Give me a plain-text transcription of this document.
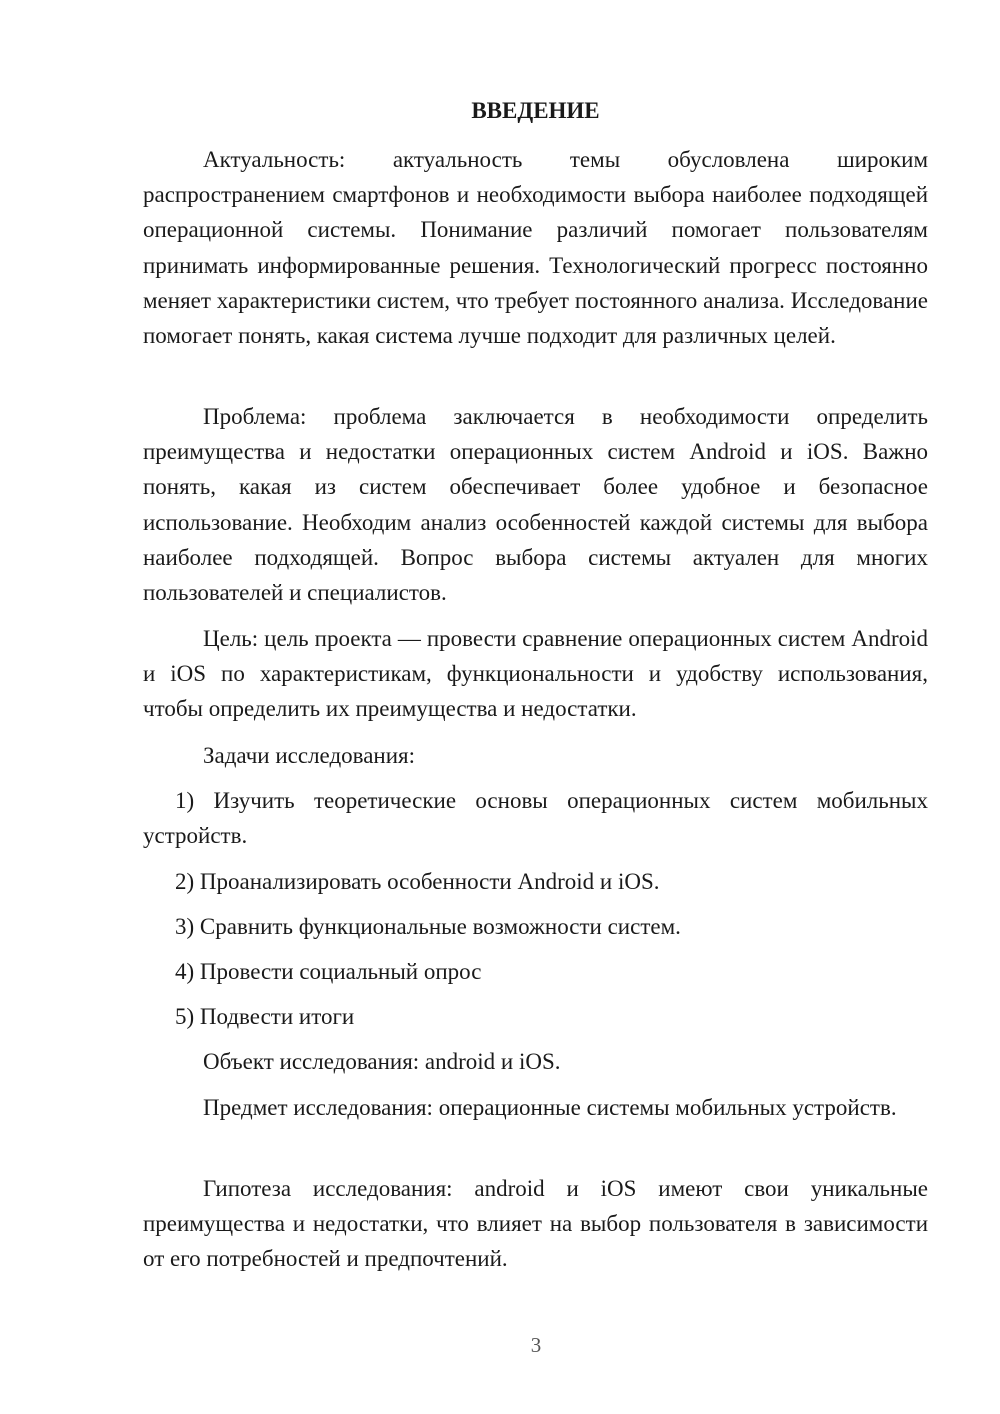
ВВЕДЕНИЕ

Актуальность: актуальность темы обусловлена широким распространением смартфонов и необходимости выбора наиболее подходящей операционной системы. Понимание различий помогает пользователям принимать информированные решения. Технологический прогресс постоянно меняет характеристики систем, что требует постоянного анализа. Исследование помогает понять, какая система лучше подходит для различных целей.

Проблема: проблема заключается в необходимости определить преимущества и недостатки операционных систем Android и iOS. Важно понять, какая из систем обеспечивает более удобное и безопасное использование. Необходим анализ особенностей каждой системы для выбора наиболее подходящей. Вопрос выбора системы актуален для многих пользователей и специалистов.

Цель: цель проекта — провести сравнение операционных систем Android и iOS по характеристикам, функциональности и удобству использования, чтобы определить их преимущества и недостатки.

Задачи исследования:

1) Изучить теоретические основы операционных систем мобильных устройств.

2) Проанализировать особенности Android и iOS.

3) Сравнить функциональные возможности систем.

4) Провести социальный опрос

5) Подвести итоги

Объект исследования: android и iOS.

Предмет исследования: операционные системы мобильных устройств.

Гипотеза исследования: android и iOS имеют свои уникальные преимущества и недостатки, что влияет на выбор пользователя в зависимости от его потребностей и предпочтений.

3
